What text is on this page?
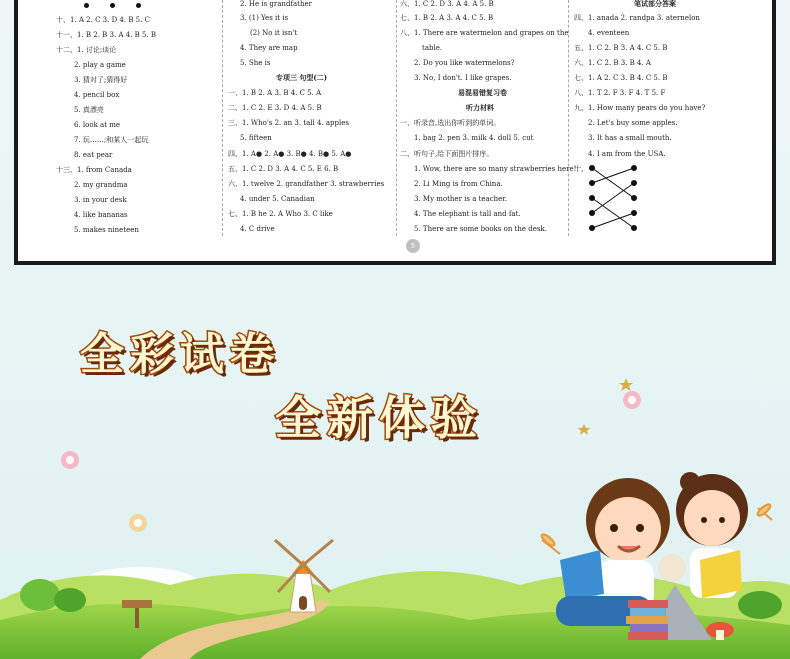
十、1. A 2. C 3. D 4. B 5. C
十一、1. B 2. B 3. A 4. B 5. B
十二、1. 讨论;谈论
2. play a game
3. 猜对了;猜得好
4. pencil box
5. 真漂亮
6. look at me
7. 玩……;和某人一起玩
8. eat pear
十三、1. from Canada
2. my grandma
3. in your desk
4. like bananas
5. makes nineteen
2. He is grandfather
3. (1) Yes it is
(2) No it isn't
4. They are map
5. She is
专项三 句型(二)
一、1. B 2. A 3. B 4. C 5. A
二、1. C 2. E 3. D 4. A 5. B
三、1. Who's 2. an 3. tall 4. apples
5. fifteen
四、1. A● 2. A● 3. B● 4. B● 5. A●
五、1. C 2. D 3. A 4. C 5. E 6. B
六、1. twelve 2. grandfather 3. strawberries
4. under 5. Canadian
七、1. B he 2. A Who 3. C like
4. C drive
六、1. C 2. D 3. A 4. A 5. B
七、1. B 2. A 3. A 4. C 5. B
八、1. There are watermelon and grapes on the
table.
2. Do you like watermelons?
3. No, I don't. I like grapes.
易混易错复习卷
听力材料
一、听录音,选出你听到的单词。
1. bag 2. pen 3. milk 4. doll 5. cut
二、听句子,给下面图片排序。
1. Wow, there are so many strawberries here!
2. Li Ming is from China.
3. My mother is a teacher.
4. The elephant is tall and fat.
5. There are some books on the desk.
笔试部分答案
四、1. anada 2. randpa 3. aternelon
4. eventeen
五、1. C 2. B 3. A 4. C 5. B
六、1. C 2. B 3. B 4. A
七、1. A 2. C 3. B 4. C 5. B
八、1. T 2. F 3. F 4. T 5. F
九、1. How many pears do you have?
2. Let's buy some apples.
3. It has a small mouth.
4. I am from the USA.
十、
5
全彩试卷
全新体验
